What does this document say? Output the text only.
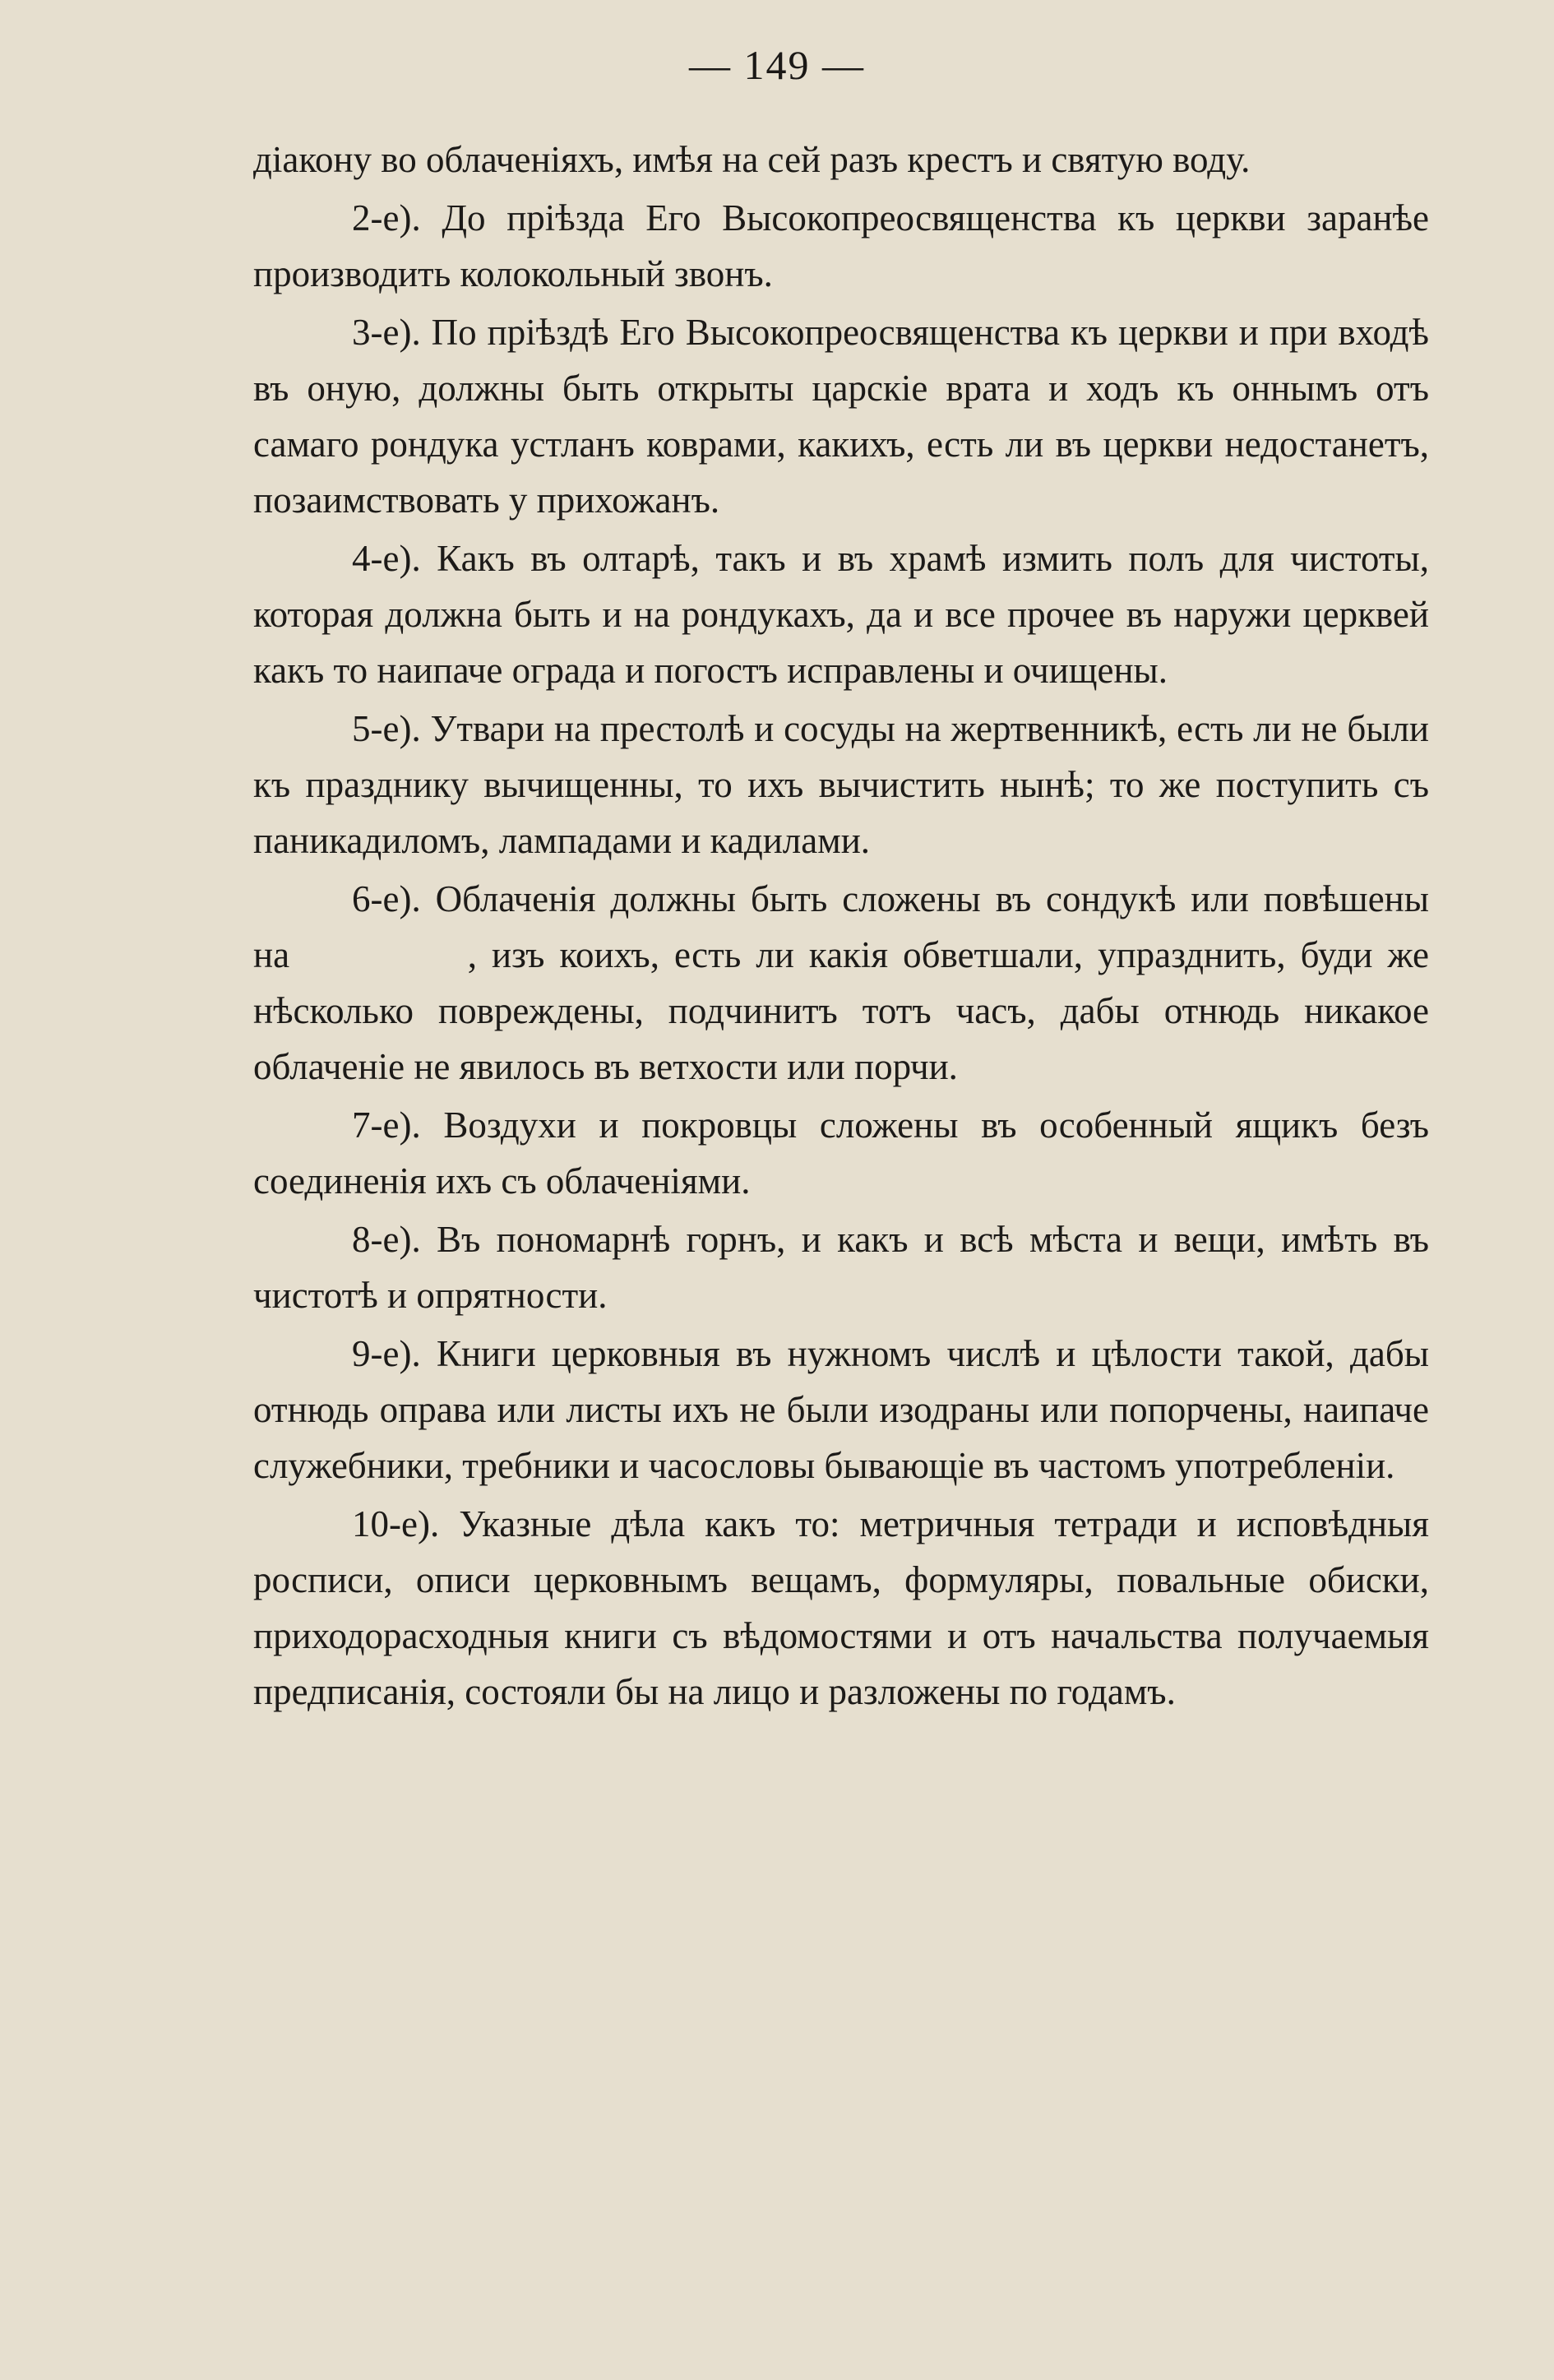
— 149 —

діакону во облаченіяхъ, имѣя на сей разъ крестъ и святую воду.

2-е). До пріѣзда Его Высокопреосвященства къ церкви заранѣе производить колокольный звонъ.

3-е). По пріѣздѣ Его Высокопреосвященства къ церкви и при входѣ въ оную, должны быть открыты царскіе врата и ходъ къ оннымъ отъ самаго рондука устланъ коврами, какихъ, есть ли въ церкви недостанетъ, позаимствовать у прихожанъ.

4-е). Какъ въ олтарѣ, такъ и въ храмѣ измить полъ для чистоты, которая должна быть и на рондукахъ, да и все прочее въ наружи церквей какъ то наипаче ограда и погостъ исправлены и очищены.

5-е). Утвари на престолѣ и сосуды на жертвенникѣ, есть ли не были къ празднику вычищенны, то ихъ вычистить нынѣ; то же поступить съ паникадиломъ, лампадами и кадилами.

6-е). Облаченія должны быть сложены въ сондукѣ или повѣшены на            , изъ коихъ, есть ли какія обветшали, упразднить, буди же нѣсколько повреждены, подчинитъ тотъ часъ, дабы отнюдь никакое облаченіе не явилось въ ветхости или порчи.

7-е). Воздухи и покровцы сложены въ особенный ящикъ безъ соединенія ихъ съ облаченіями.

8-е). Въ пономарнѣ горнъ, и какъ и всѣ мѣста и вещи, имѣть въ чистотѣ и опрятности.

9-е). Книги церковныя въ нужномъ числѣ и цѣлости такой, дабы отнюдь оправа или листы ихъ не были изодраны или попорчены, наипаче служебники, требники и часословы бывающіе въ частомъ употребленіи.

10-е). Указные дѣла какъ то: метричныя тетради и исповѣдныя росписи, описи церковнымъ вещамъ, формуляры, повальные обиски, приходорасходныя книги съ вѣдомостями и отъ начальства получаемыя предписанія, состояли бы на лицо и разложены по годамъ.
